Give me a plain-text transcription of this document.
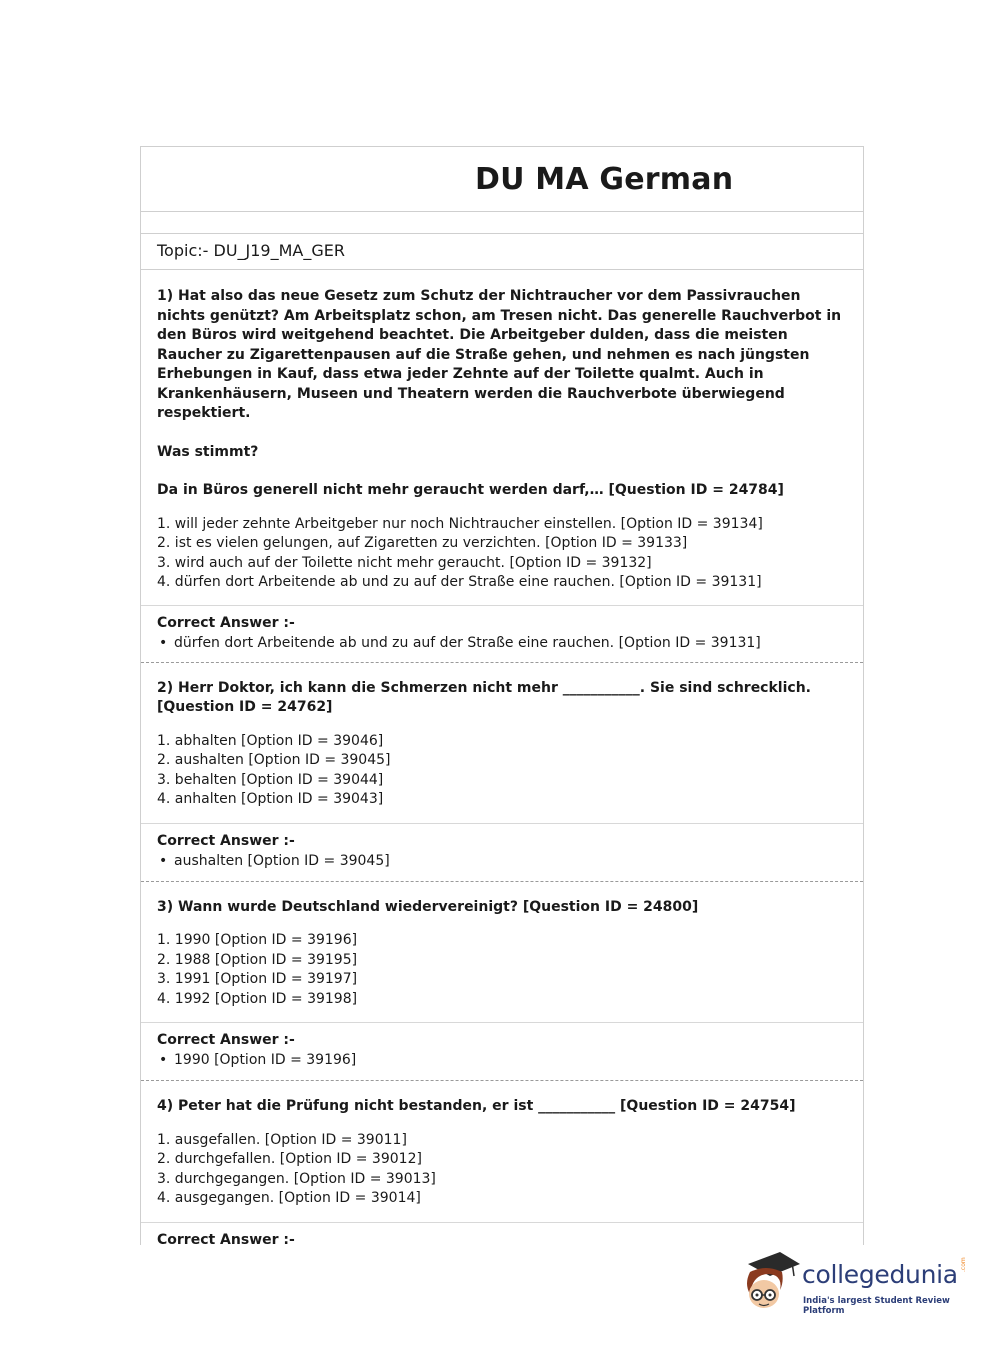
DU MA German
Topic:- DU_J19_MA_GER

1) Hat also das neue Gesetz zum Schutz der Nichtraucher vor dem Passivrauchen nichts genützt? Am Arbeitsplatz schon, am Tresen nicht. Das generelle Rauchverbot in den Büros wird weitgehend beachtet. Die Arbeitgeber dulden, dass die meisten Raucher zu Zigarettenpausen auf die Straße gehen, und nehmen es nach jüngsten Erhebungen in Kauf, dass etwa jeder Zehnte auf der Toilette qualmt. Auch in Krankenhäusern, Museen und Theatern werden die Rauchverbote überwiegend respektiert.

Was stimmt?

Da in Büros generell nicht mehr geraucht werden darf,… [Question ID = 24784]

1. will jeder zehnte Arbeitgeber nur noch Nichtraucher einstellen. [Option ID = 39134]
2. ist es vielen gelungen, auf Zigaretten zu verzichten. [Option ID = 39133]
3. wird auch auf der Toilette nicht mehr geraucht. [Option ID = 39132]
4. dürfen dort Arbeitende ab und zu auf der Straße eine rauchen. [Option ID = 39131]
Correct Answer :-
• dürfen dort Arbeitende ab und zu auf der Straße eine rauchen. [Option ID = 39131]

2) Herr Doktor, ich kann die Schmerzen nicht mehr ___________. Sie sind schrecklich. [Question ID = 24762]

1. abhalten [Option ID = 39046]
2. aushalten [Option ID = 39045]
3. behalten [Option ID = 39044]
4. anhalten [Option ID = 39043]
Correct Answer :-
• aushalten [Option ID = 39045]

3) Wann wurde Deutschland wiedervereinigt? [Question ID = 24800]

1. 1990 [Option ID = 39196]
2. 1988 [Option ID = 39195]
3. 1991 [Option ID = 39197]
4. 1992 [Option ID = 39198]
Correct Answer :-
• 1990 [Option ID = 39196]

4) Peter hat die Prüfung nicht bestanden, er ist ___________ [Question ID = 24754]

1. ausgefallen. [Option ID = 39011]
2. durchgefallen. [Option ID = 39012]
3. durchgegangen. [Option ID = 39013]
4. ausgegangen. [Option ID = 39014]
Correct Answer :-
collegedunia .com
India's largest Student Review Platform
